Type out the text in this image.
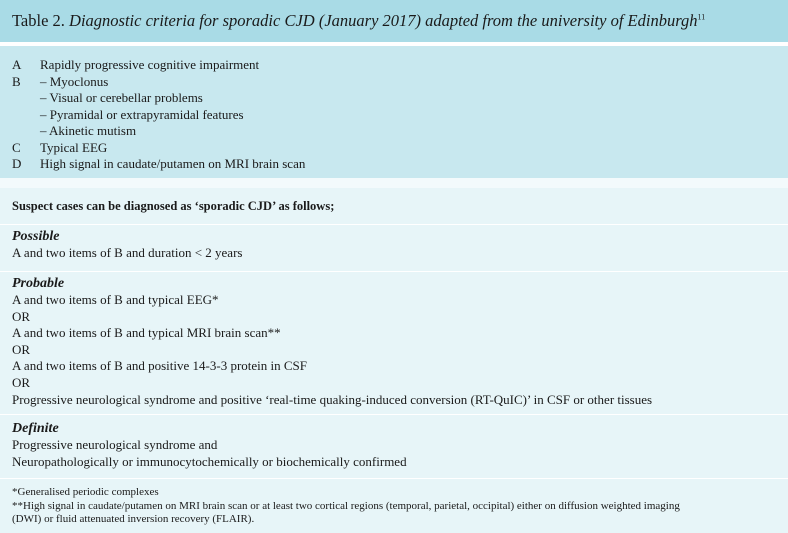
Table 2. Diagnostic criteria for sporadic CJD (January 2017) adapted from the university of Edinburgh$^{11}$
A Rapidly progressive cognitive impairment
B – Myoclonus
– Visual or cerebellar problems
– Pyramidal or extrapyramidal features
– Akinetic mutism
C Typical EEG
D High signal in caudate/putamen on MRI brain scan
Suspect cases can be diagnosed as ‘sporadic CJD’ as follows;
Possible
A and two items of B and duration < 2 years
Probable
A and two items of B and typical EEG*
OR
A and two items of B and typical MRI brain scan**
OR
A and two items of B and positive 14-3-3 protein in CSF
OR
Progressive neurological syndrome and positive ‘real-time quaking-induced conversion (RT-QuIC)’ in CSF or other tissues
Definite
Progressive neurological syndrome and
Neuropathologically or immunocytochemically or biochemically confirmed
*Generalised periodic complexes
**High signal in caudate/putamen on MRI brain scan or at least two cortical regions (temporal, parietal, occipital) either on diffusion weighted imaging
(DWI) or fluid attenuated inversion recovery (FLAIR).
